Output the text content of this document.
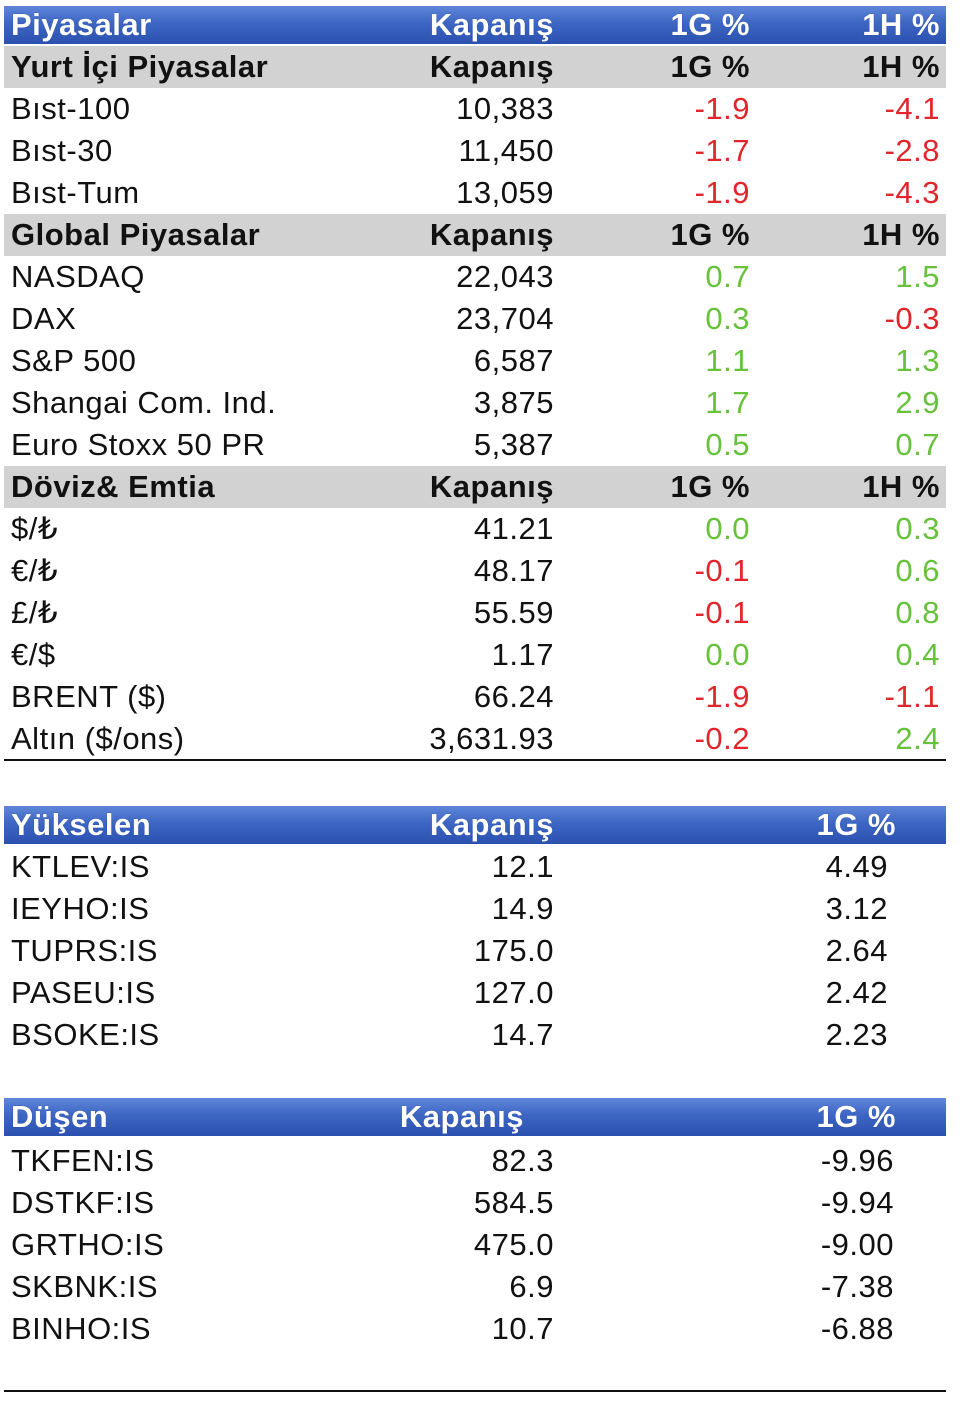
Piyasalar	Kapanış	1G %	1H %
Yurt İçi Piyasalar	Kapanış	1G %	1H %
Bıst-100	10,383	-1.9	-4.1
Bıst-30	11,450	-1.7	-2.8
Bıst-Tum	13,059	-1.9	-4.3
Global Piyasalar	Kapanış	1G %	1H %
NASDAQ	22,043	0.7	1.5
DAX	23,704	0.3	-0.3
S&P 500	6,587	1.1	1.3
Shangai Com. Ind.	3,875	1.7	2.9
Euro Stoxx 50 PR	5,387	0.5	0.7
Döviz& Emtia	Kapanış	1G %	1H %
$/₺	41.21	0.0	0.3
€/₺	48.17	-0.1	0.6
£/₺	55.59	-0.1	0.8
€/$	1.17	0.0	0.4
BRENT ($)	66.24	-1.9	-1.1
Altın ($/ons)	3,631.93	-0.2	2.4
Yükselen	Kapanış	1G %
KTLEV:IS	12.1	4.49
IEYHO:IS	14.9	3.12
TUPRS:IS	175.0	2.64
PASEU:IS	127.0	2.42
BSOKE:IS	14.7	2.23
Düşen	Kapanış	1G %
TKFEN:IS	82.3	-9.96
DSTKF:IS	584.5	-9.94
GRTHO:IS	475.0	-9.00
SKBNK:IS	6.9	-7.38
BINHO:IS	10.7	-6.88
